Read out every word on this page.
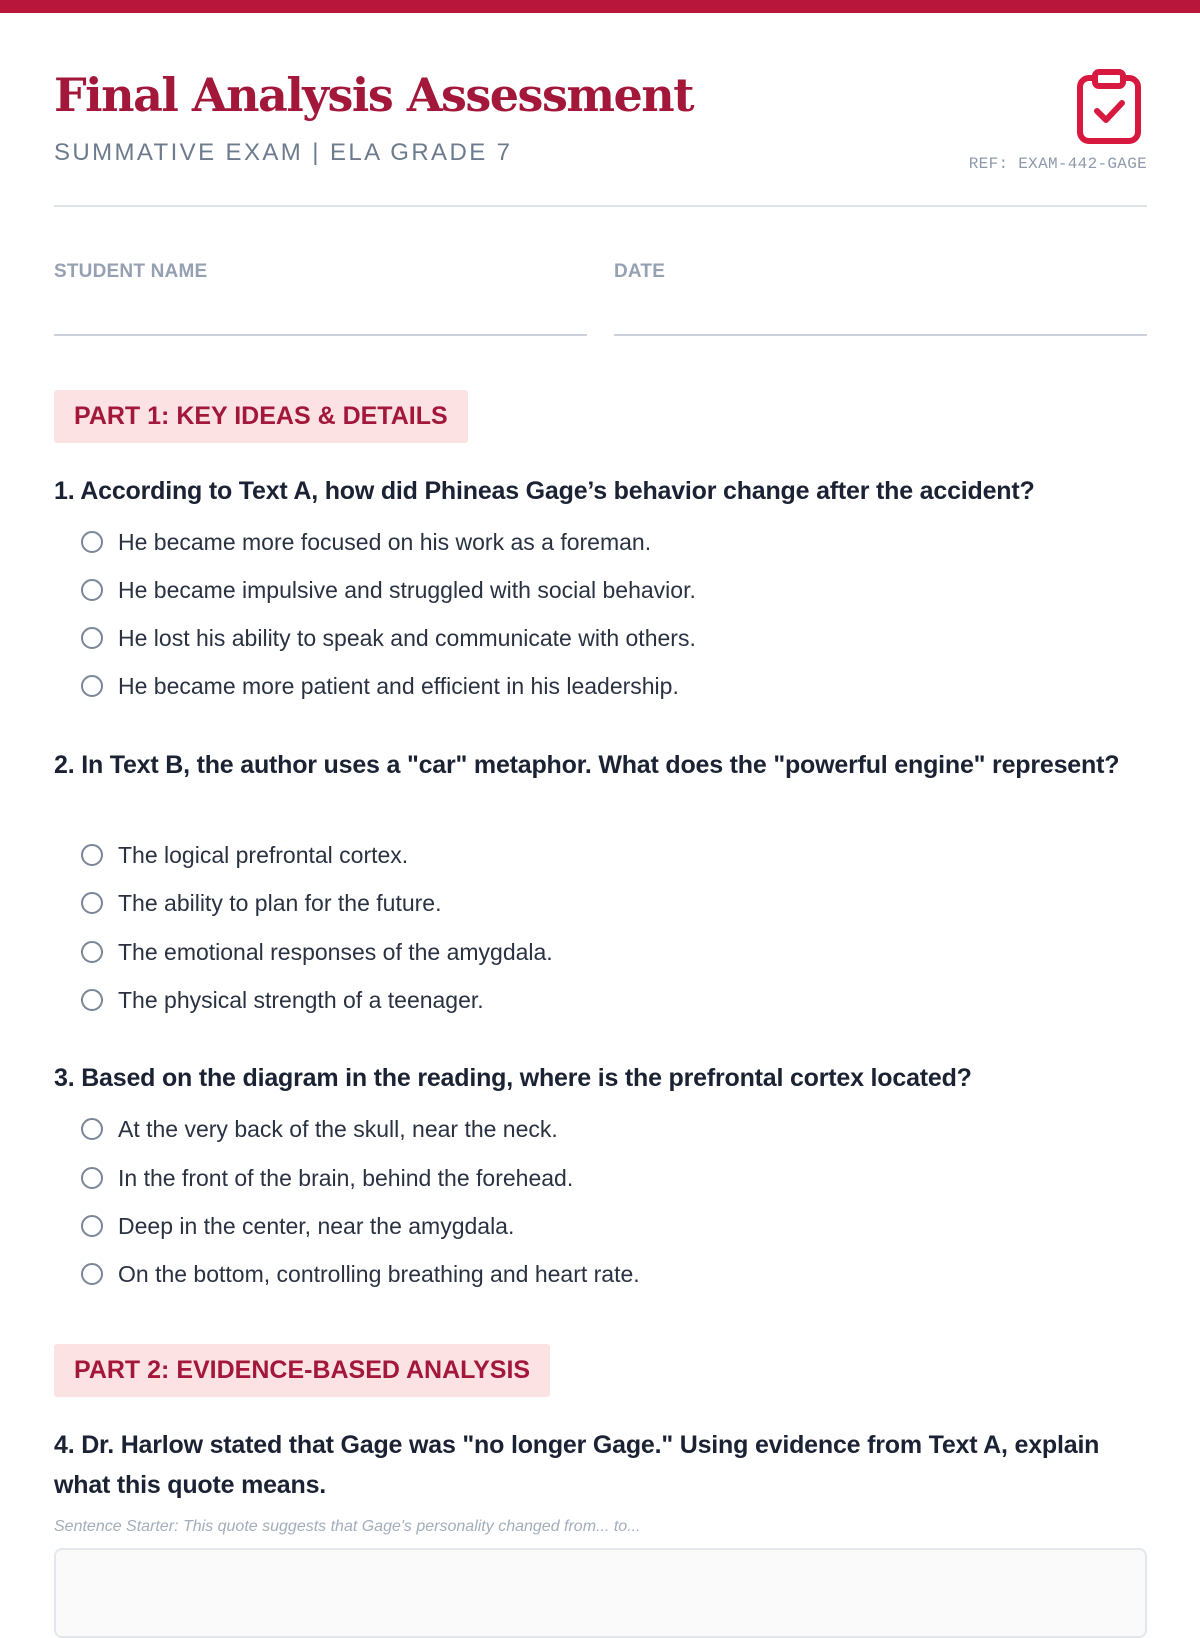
Final Analysis Assessment
SUMMATIVE EXAM | ELA GRADE 7	REF: EXAM-442-GAGE
STUDENT NAME	DATE
PART 1: KEY IDEAS & DETAILS

1. According to Text A, how did Phineas Gage’s behavior change after the accident?

He became more focused on his work as a foreman.
He became impulsive and struggled with social behavior.
He lost his ability to speak and communicate with others.
He became more patient and efficient in his leadership.

2. In Text B, the author uses a "car" metaphor. What does the "powerful engine" represent?

The logical prefrontal cortex.
The ability to plan for the future.
The emotional responses of the amygdala.
The physical strength of a teenager.

3. Based on the diagram in the reading, where is the prefrontal cortex located?

At the very back of the skull, near the neck.
In the front of the brain, behind the forehead.
Deep in the center, near the amygdala.
On the bottom, controlling breathing and heart rate.
PART 2: EVIDENCE-BASED ANALYSIS

4. Dr. Harlow stated that Gage was "no longer Gage." Using evidence from Text A, explain what this quote means.

Sentence Starter: This quote suggests that Gage's personality changed from... to...
